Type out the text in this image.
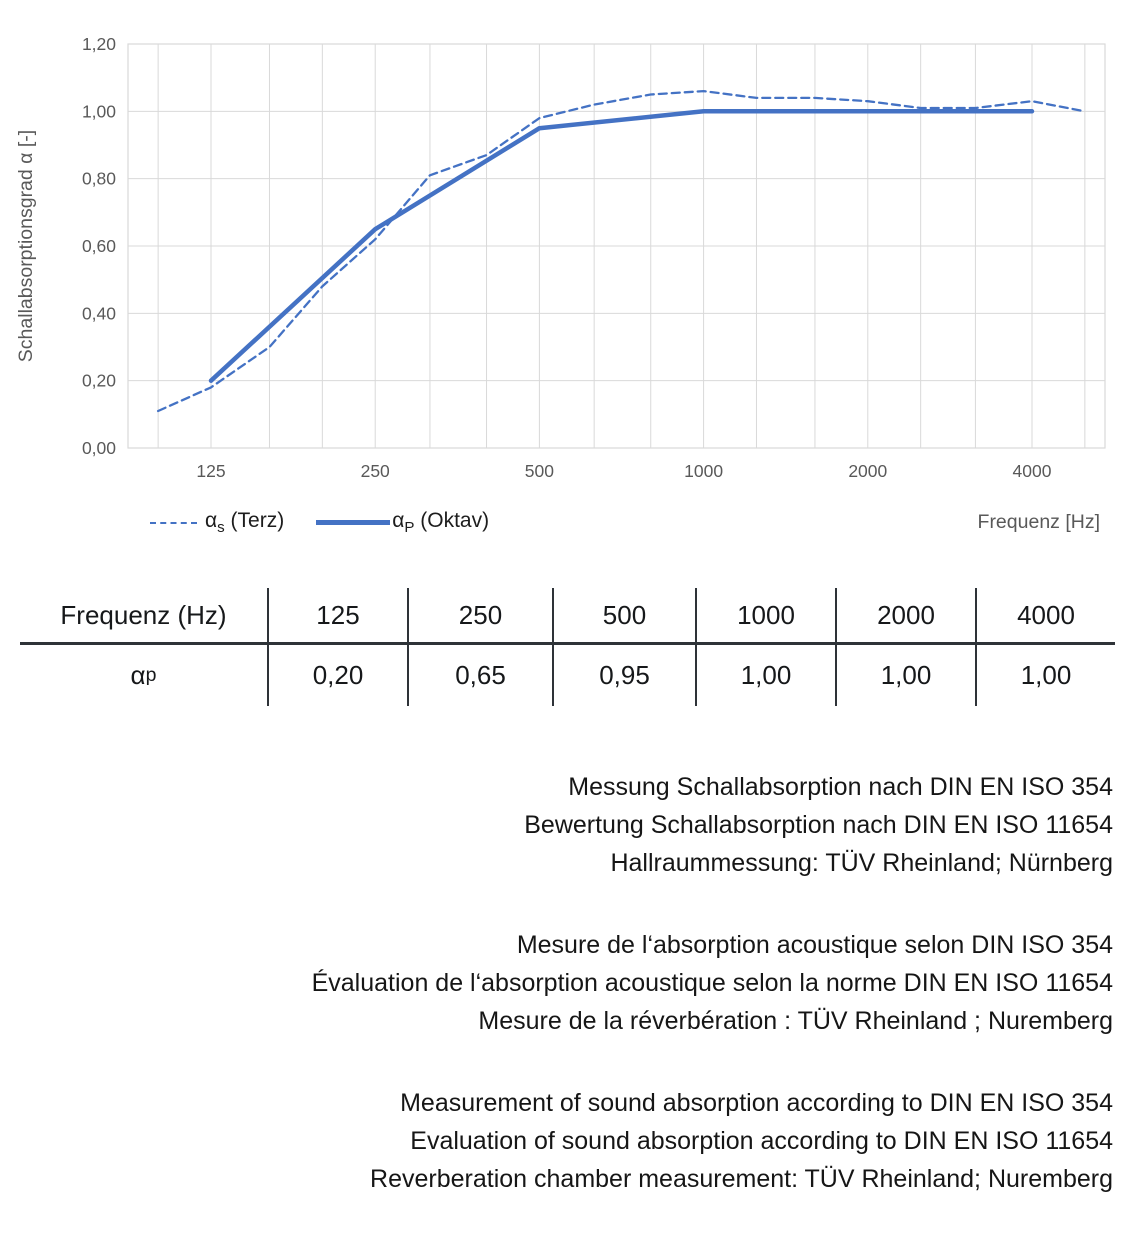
0,00
0,20
0,40
0,60
0,80
1,00
1,20
125	250	500	1000	2000	4000
Schallabsorptionsgrad α [-]
Frequenz [Hz]
$\alpha_s$ (Terz)	$\alpha_P$ (Oktav)
Frequenz (Hz)	125	250	500	1000	2000	4000
α p	0,20	0,65	0,95	1,00	1,00	1,00
Messung Schallabsorption nach DIN EN ISO 354
Bewertung Schallabsorption nach DIN EN ISO 11654
Hallraummessung: TÜV Rheinland; Nürnberg
Mesure de l‘absorption acoustique selon DIN ISO 354
Évaluation de l‘absorption acoustique selon la norme DIN EN ISO 11654
Mesure de la réverbération : TÜV Rheinland ; Nuremberg
Measurement of sound absorption according to DIN EN ISO 354
Evaluation of sound absorption according to DIN EN ISO 11654
Reverberation chamber measurement: TÜV Rheinland; Nuremberg
